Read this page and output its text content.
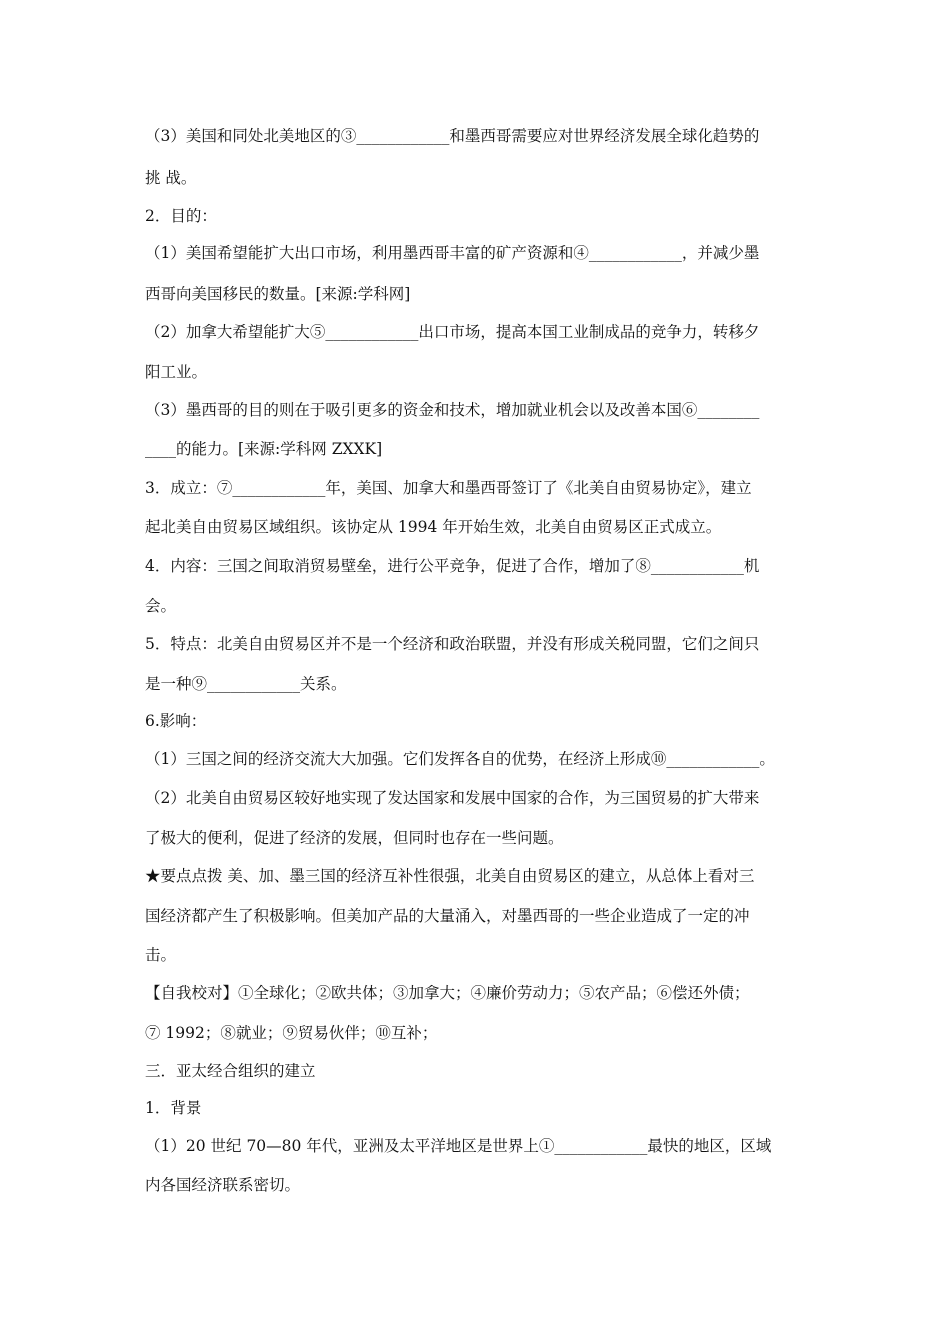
（3）美国和同处北美地区的③____________和墨西哥需要应对世界经济发展全球化趋势的
挑 战。
2．目的：
（1）美国希望能扩大出口市场，利用墨西哥丰富的矿产资源和④____________，并减少墨
西哥向美国移民的数量。[来源:学科网]
（2）加拿大希望能扩大⑤____________出口市场，提高本国工业制成品的竞争力，转移夕
阳工业。
（3）墨西哥的目的则在于吸引更多的资金和技术，增加就业机会以及改善本国⑥________
____的能力。[来源:学科网 ZXXK]
3．成立：⑦____________年，美国、加拿大和墨西哥签订了《北美自由贸易协定》，建立
起北美自由贸易区域组织。该协定从 1994 年开始生效，北美自由贸易区正式成立。
4．内容：三国之间取消贸易壁垒，进行公平竞争，促进了合作，增加了⑧____________机
会。
5．特点：北美自由贸易区并不是一个经济和政治联盟，并没有形成关税同盟，它们之间只
是一种⑨____________关系。
6.影响：
（1）三国之间的经济交流大大加强。它们发挥各自的优势，在经济上形成⑩____________。
（2）北美自由贸易区较好地实现了发达国家和发展中国家的合作，为三国贸易的扩大带来
了极大的便利，促进了经济的发展，但同时也存在一些问题。
★要点点拨 美、加、墨三国的经济互补性很强，北美自由贸易区的建立，从总体上看对三
国经济都产生了积极影响。但美加产品的大量涌入，对墨西哥的一些企业造成了一定的冲
击。
【自我校对】①全球化；②欧共体；③加拿大；④廉价劳动力；⑤农产品；⑥偿还外债；
⑦ 1992；⑧就业；⑨贸易伙伴；⑩互补；
三．亚太经合组织的建立
1．背景
（1）20 世纪 70—80 年代，亚洲及太平洋地区是世界上①____________最快的地区，区域
内各国经济联系密切。
